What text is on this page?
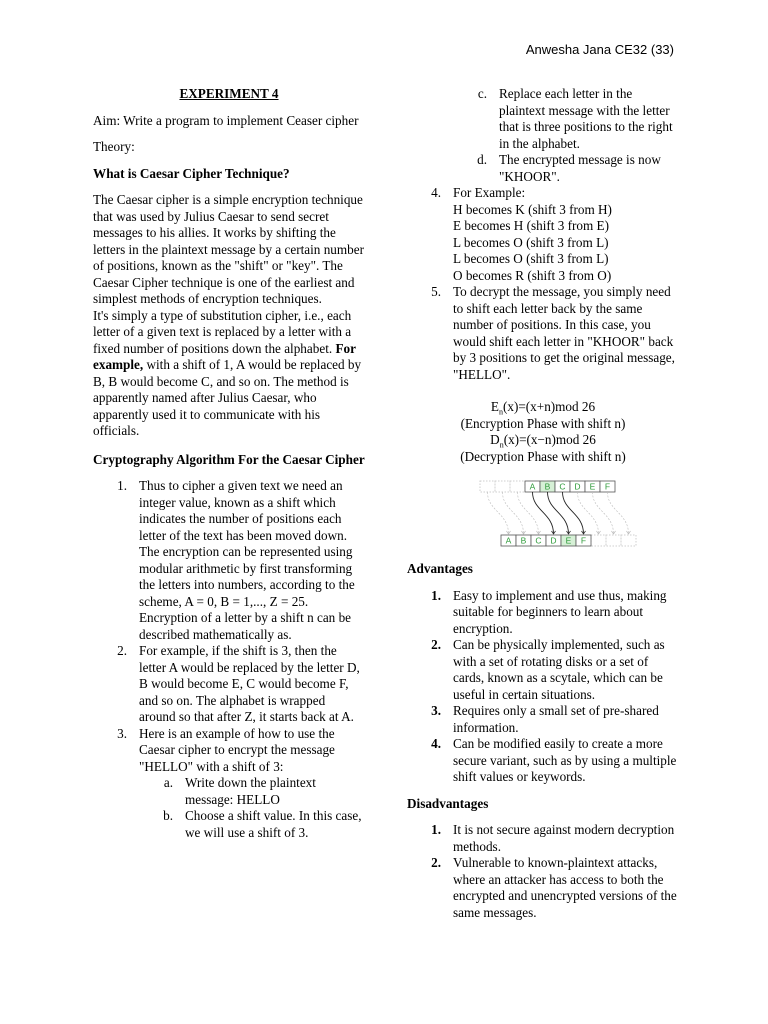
Anwesha Jana CE32 (33)

EXPERIMENT 4

Aim: Write a program to implement Ceaser cipher

Theory:

What is Caesar Cipher Technique?

The Caesar cipher is a simple encryption technique that was used by Julius Caesar to send secret messages to his allies. It works by shifting the letters in the plaintext message by a certain number of positions, known as the "shift" or "key". The Caesar Cipher technique is one of the earliest and simplest methods of encryption techniques.

It's simply a type of substitution cipher, i.e., each letter of a given text is replaced by a letter with a fixed number of positions down the alphabet. For example, with a shift of 1, A would be replaced by B, B would become C, and so on. The method is apparently named after Julius Caesar, who apparently used it to communicate with his officials.

Cryptography Algorithm For the Caesar Cipher

1. Thus to cipher a given text we need an integer value, known as a shift which indicates the number of positions each letter of the text has been moved down. The encryption can be represented using modular arithmetic by first transforming the letters into numbers, according to the scheme, A = 0, B = 1,..., Z = 25. Encryption of a letter by a shift n can be described mathematically as.
2. For example, if the shift is 3, then the letter A would be replaced by the letter D, B would become E, C would become F, and so on. The alphabet is wrapped around so that after Z, it starts back at A.
3. Here is an example of how to use the Caesar cipher to encrypt the message "HELLO" with a shift of 3:
a. Write down the plaintext message: HELLO
b. Choose a shift value. In this case, we will use a shift of 3.
c. Replace each letter in the plaintext message with the letter that is three positions to the right in the alphabet.
d. The encrypted message is now "KHOOR".
4. For Example:
H becomes K (shift 3 from H)
E becomes H (shift 3 from E)
L becomes O (shift 3 from L)
L becomes O (shift 3 from L)
O becomes R (shift 3 from O)
5. To decrypt the message, you simply need to shift each letter back by the same number of positions. In this case, you would shift each letter in "KHOOR" back by 3 positions to get the original message, "HELLO".
$E_n(x)=(x+n)mod$ 26
(Encryption Phase with shift n)
$D_n(x)=(x-n)mod$ 26
(Decryption Phase with shift n)
A B C D E F
A B C D E F

Advantages

1. Easy to implement and use thus, making suitable for beginners to learn about encryption.
2. Can be physically implemented, such as with a set of rotating disks or a set of cards, known as a scytale, which can be useful in certain situations.
3. Requires only a small set of pre-shared information.
4. Can be modified easily to create a more secure variant, such as by using a multiple shift values or keywords.

Disadvantages

1. It is not secure against modern decryption methods.
2. Vulnerable to known-plaintext attacks, where an attacker has access to both the encrypted and unencrypted versions of the same messages.
